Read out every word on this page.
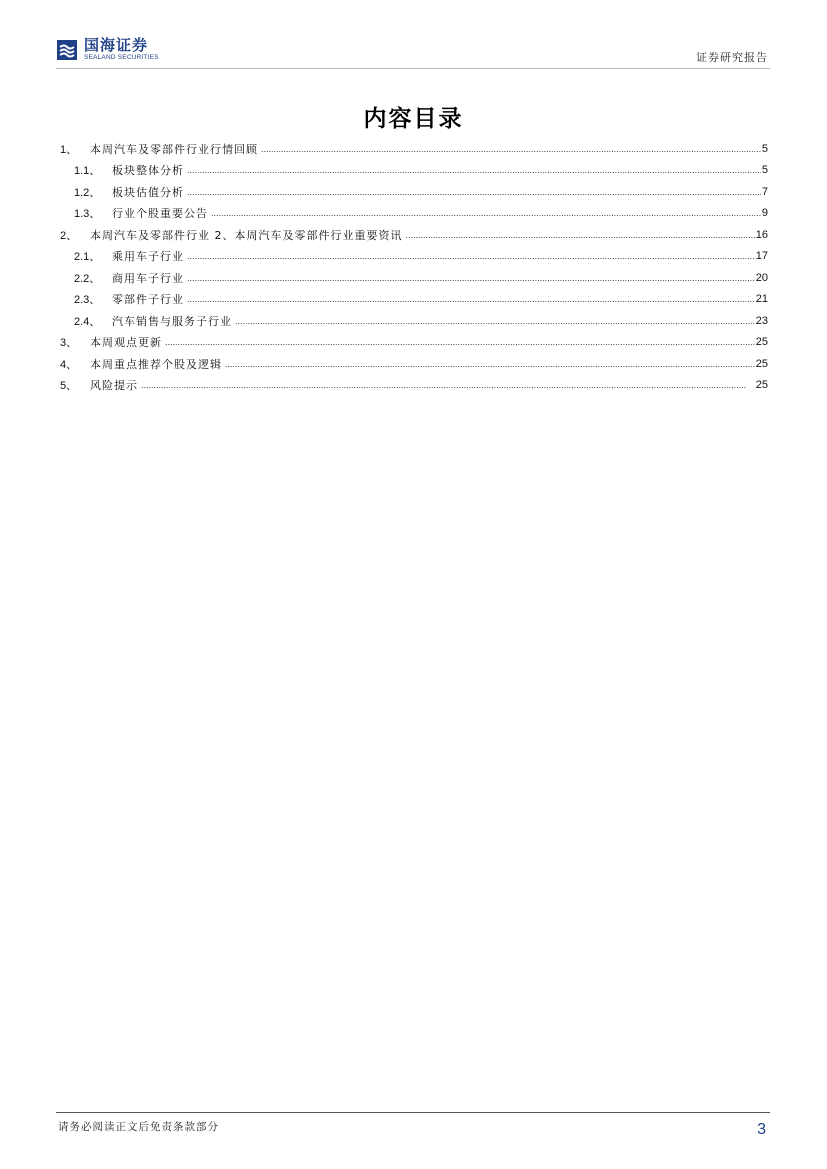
国海证券
SEALAND SECURITIES	证券研究报告
内容目录
1、	本周汽车及零部件行业行情回顾 .....	5
1.1、	板块整体分析 .....	5
1.2、	板块估值分析 .....	7
1.3、	行业个股重要公告 .....	9
2、	本周汽车及零部件行业 2、本周汽车及零部件行业重要资讯 .....	16
2.1、	乘用车子行业 .....	17
2.2、	商用车子行业 .....	20
2.3、	零部件子行业 .....	21
2.4、	汽车销售与服务子行业 .....	23
3、	本周观点更新 .....	25
4、	本周重点推荐个股及逻辑 .....	25
5、	风险提示 .....	25
请务必阅读正文后免责条款部分	3
